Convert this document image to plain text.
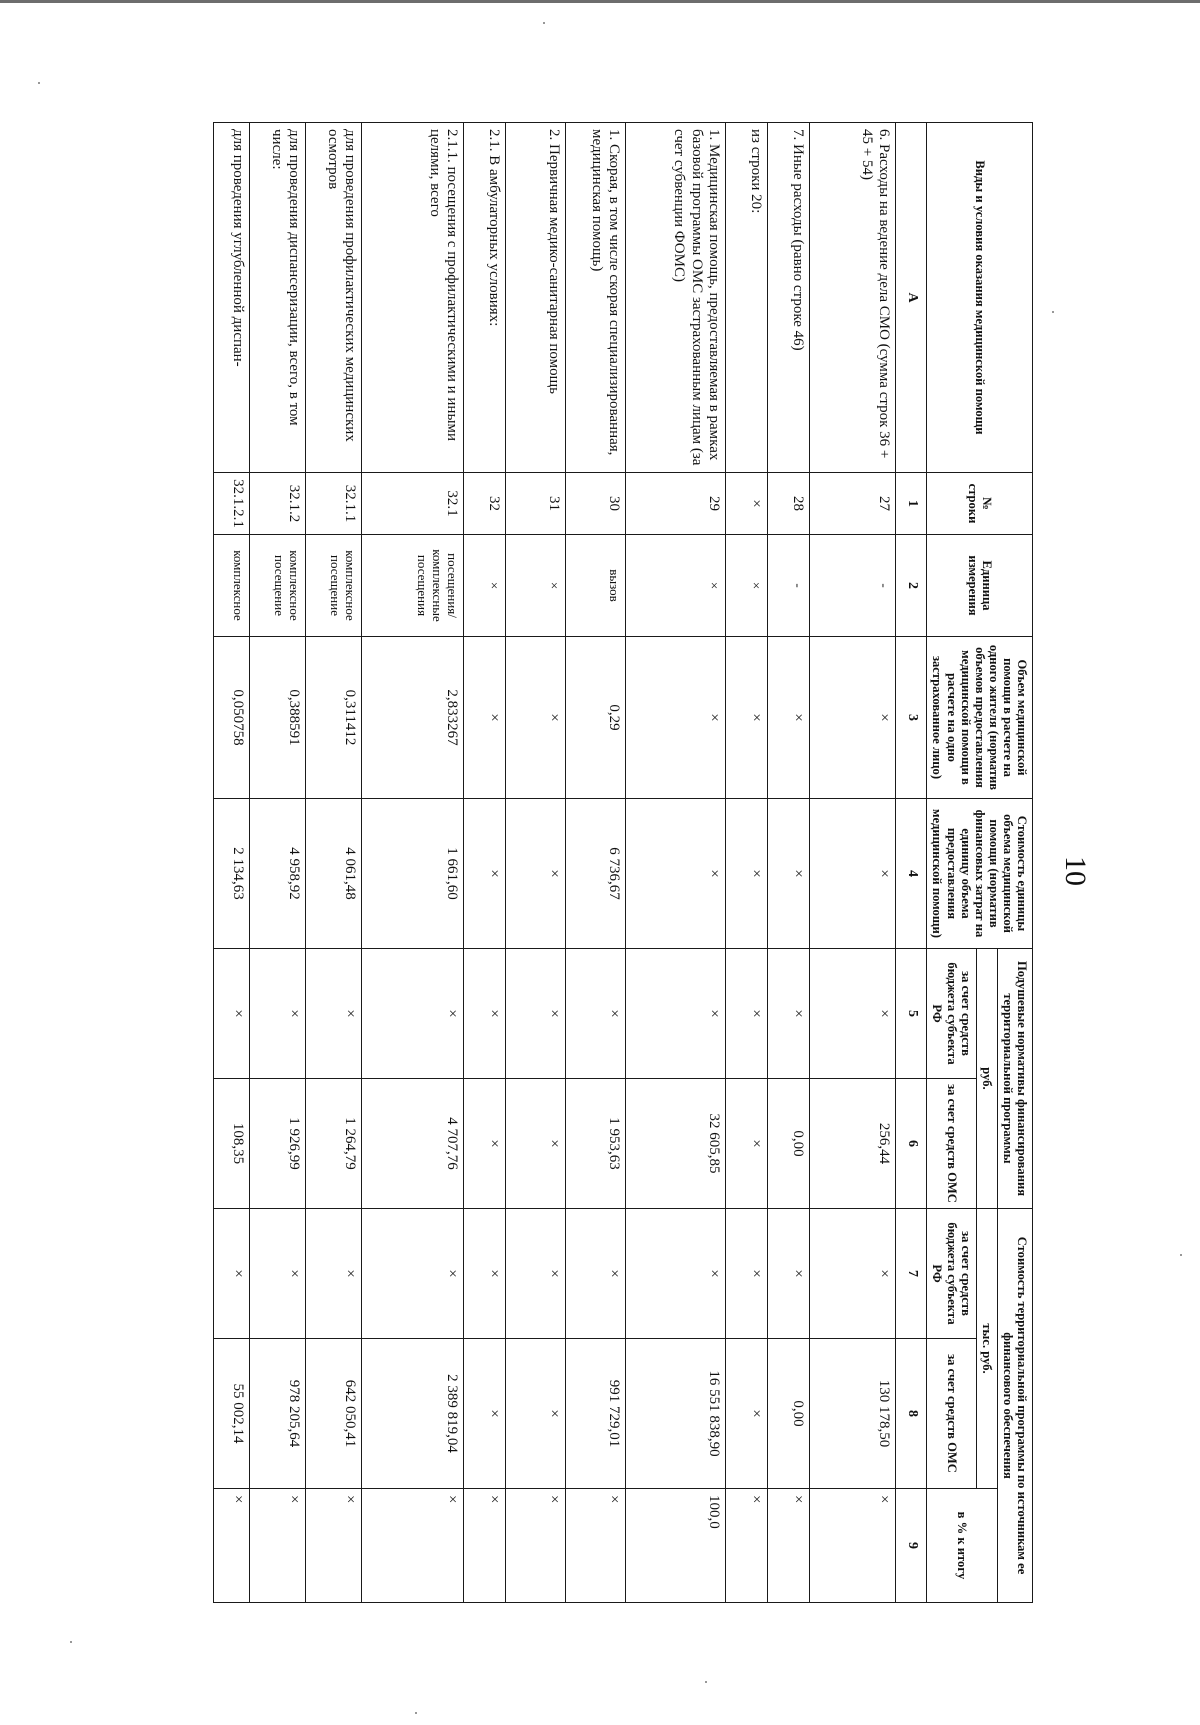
10
Виды и условия оказания медицинской помощи	№ строки	Единица измерения	Объем медицинской помощи в расчете на одного жителя (норматив объемов предоставления медицинской помощи в расчете на одно застрахованное лицо)	Стоимость единицы объема медицинской помощи (норматив финансовых затрат на единицу объема предоставления медицинской помощи)	Подушевые нормативы финансирования территориальной программы		Стоимость территориальной программы по источникам ее финансового обеспечения		
					руб.		тыс. руб.		в % к итогу
					за счет средств бюджета субъекта РФ	за счет средств ОМС	за счет средств бюджета субъекта РФ	за счет средств ОМС	
А	1	2	3	4	5	6	7	8	9
6. Расходы на ведение дела СМО (сумма строк 36 + 45 + 54)	27	-	×	×	×	256,44	×	130 178,50	×
7. Иные расходы (равно строке 46)	28	-	×	×	×	0,00	×	0,00	×
из строки 20:	×	×	×	×	×	×	×	×	×
1. Медицинская помощь, предоставляемая в рамках базовой программы ОМС застрахованным лицам (за счет субвенции ФОМС)	29	×	×	×	×	32 605,85	×	16 551 838,90	100,0
1. Скорая, в том числе скорая специализированная, медицинская помощь)	30	вызов	0,29	6 736,67	×	1 953,63	×	991 729,01	×
2. Первичная медико-санитарная помощь	31	×	×	×	×	×	×	×	×
2.1. В амбулаторных условиях:	32	×	×	×	×	×	×	×	×
2.1.1. посещения с профилактическими и иными целями, всего	32.1	посещения/комплексные посещения	2,833267	1 661,60	×	4 707,76	×	2 389 819,04	×
для проведения профилактических медицинских осмотров	32.1.1	комплексное посещение	0,311412	4 061,48	×	1 264,79	×	642 050,41	×
для проведения диспансеризации, всего, в том числе:	32.1.2	комплексное посещение	0,388591	4 958,92	×	1 926,99	×	978 205,64	×
для проведения углубленной диспан-	32.1.2.1	комплексное	0,050758	2 134,63	×	108,35	×	55 002,14	×
